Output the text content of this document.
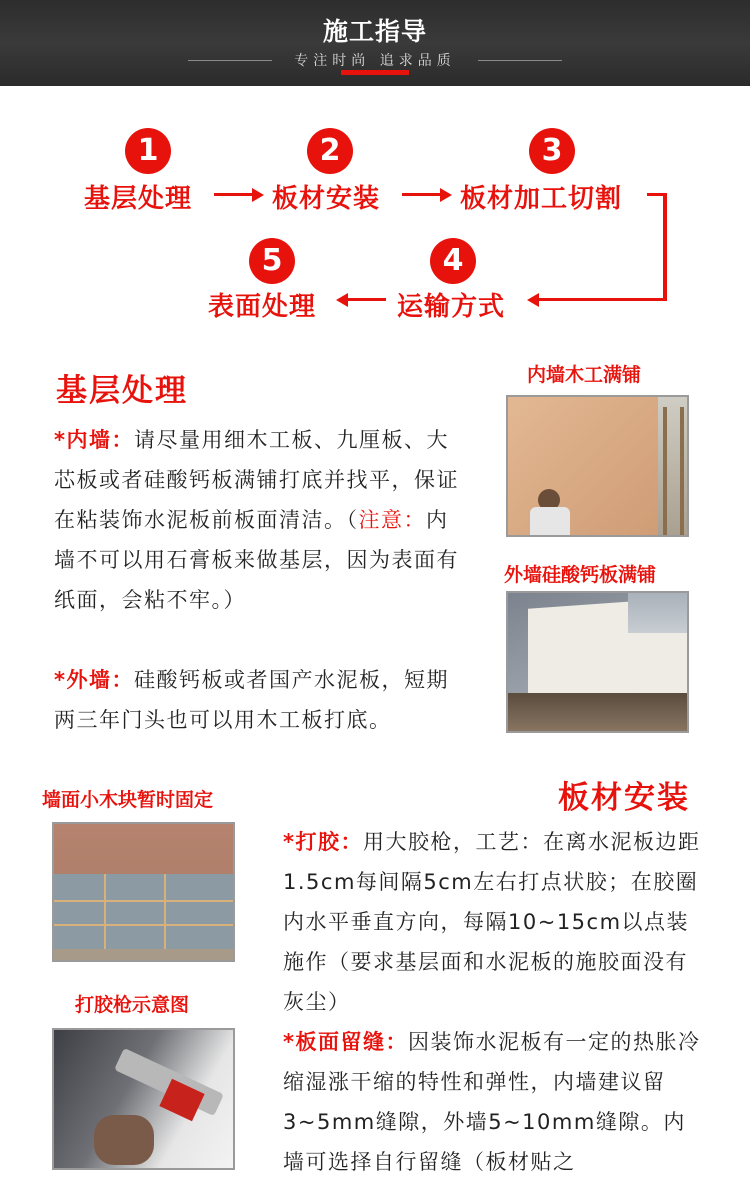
施工指导
专注时尚 追求品质
1	2	3
基层处理	板材安装	板材加工切割
4
5
运输方式
表面处理
基层处理
*内墙：请尽量用细木工板、九厘板、大芯板或者硅酸钙板满铺打底并找平，保证在粘装饰水泥板前板面清洁。（注意：内墙不可以用石膏板来做基层，因为表面有纸面，会粘不牢。）
*外墙：硅酸钙板或者国产水泥板，短期两三年门头也可以用木工板打底。
内墙木工满铺
外墙硅酸钙板满铺
板材安装
墙面小木块暂时固定
打胶枪示意图
*打胶：用大胶枪，工艺：在离水泥板边距1.5cm每间隔5cm左右打点状胶；在胶圈内水平垂直方向，每隔10~15cm以点装施作（要求基层面和水泥板的施胶面没有灰尘）
*板面留缝：因装饰水泥板有一定的热胀冷缩湿涨干缩的特性和弹性，内墙建议留3~5mm缝隙，外墙5~10mm缝隙。内墙可选择自行留缝（板材贴之
